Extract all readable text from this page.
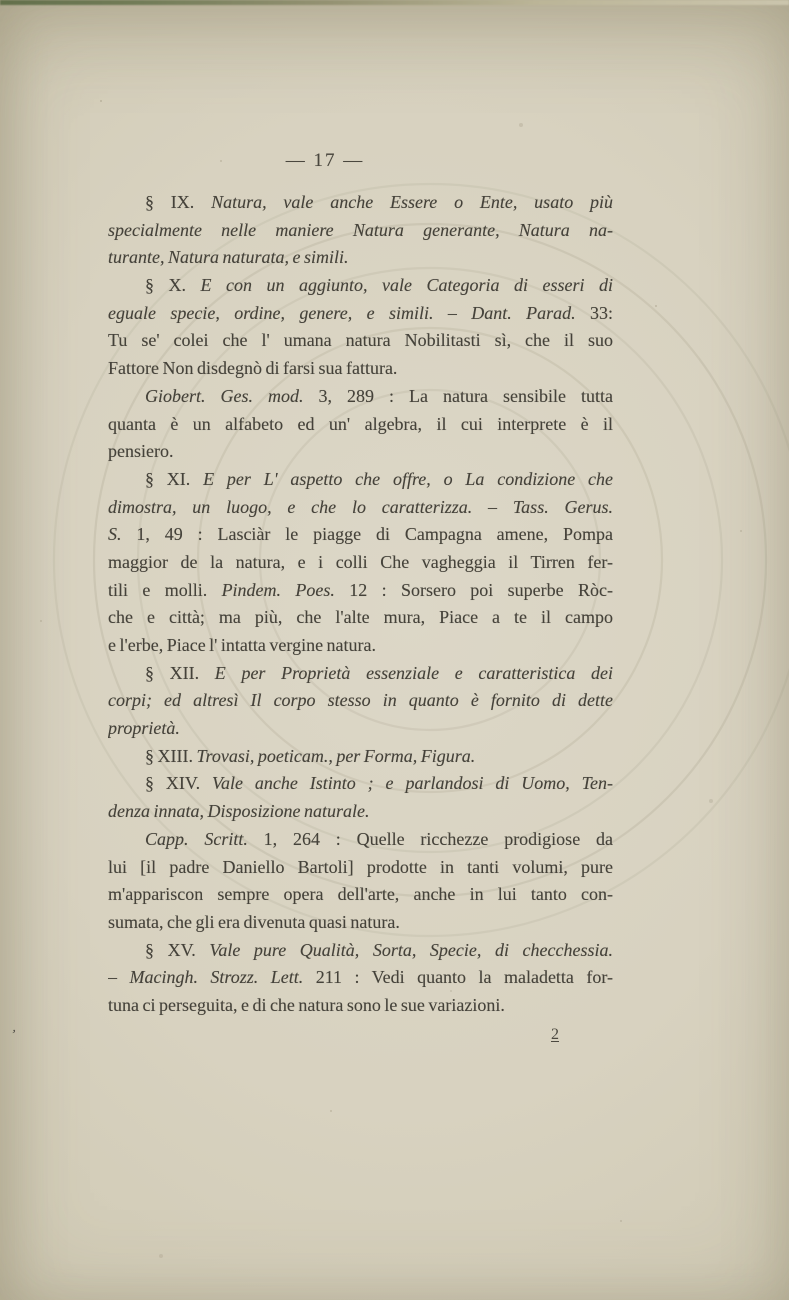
— 17 —
§ IX. Natura, vale anche Essere o Ente, usato più
specialmente nelle maniere Natura generante, Natura na-
turante, Natura naturata, e simili.
§ X. E con un aggiunto, vale Categoria di esseri di
eguale specie, ordine, genere, e simili. – Dant. Parad. 33:
Tu se' colei che l' umana natura Nobilitasti sì, che il suo
Fattore Non disdegnò di farsi sua fattura.
Giobert. Ges. mod. 3, 289 : La natura sensibile tutta
quanta è un alfabeto ed un' algebra, il cui interprete è il
pensiero.
§ XI. E per L' aspetto che offre, o La condizione che
dimostra, un luogo, e che lo caratterizza. – Tass. Gerus.
S. 1, 49 : Lasciàr le piagge di Campagna amene, Pompa
maggior de la natura, e i colli Che vagheggia il Tirren fer-
tili e molli. Pindem. Poes. 12 : Sorsero poi superbe Ròc-
che e città; ma più, che l'alte mura, Piace a te il campo
e l'erbe, Piace l' intatta vergine natura.
§ XII. E per Proprietà essenziale e caratteristica dei
corpi; ed altresì Il corpo stesso in quanto è fornito di dette
proprietà.
§ XIII. Trovasi, poeticam., per Forma, Figura.
§ XIV. Vale anche Istinto ; e parlandosi di Uomo, Ten-
denza innata, Disposizione naturale.
Capp. Scritt. 1, 264 : Quelle ricchezze prodigiose da
lui [il padre Daniello Bartoli] prodotte in tanti volumi, pure
m'appariscon sempre opera dell'arte, anche in lui tanto con-
sumata, che gli era divenuta quasi natura.
§ XV. Vale pure Qualità, Sorta, Specie, di checchessia.
– Macingh. Strozz. Lett. 211 : Vedi quanto la maladetta for-
tuna ci perseguita, e di che natura sono le sue variazioni.
2
’
